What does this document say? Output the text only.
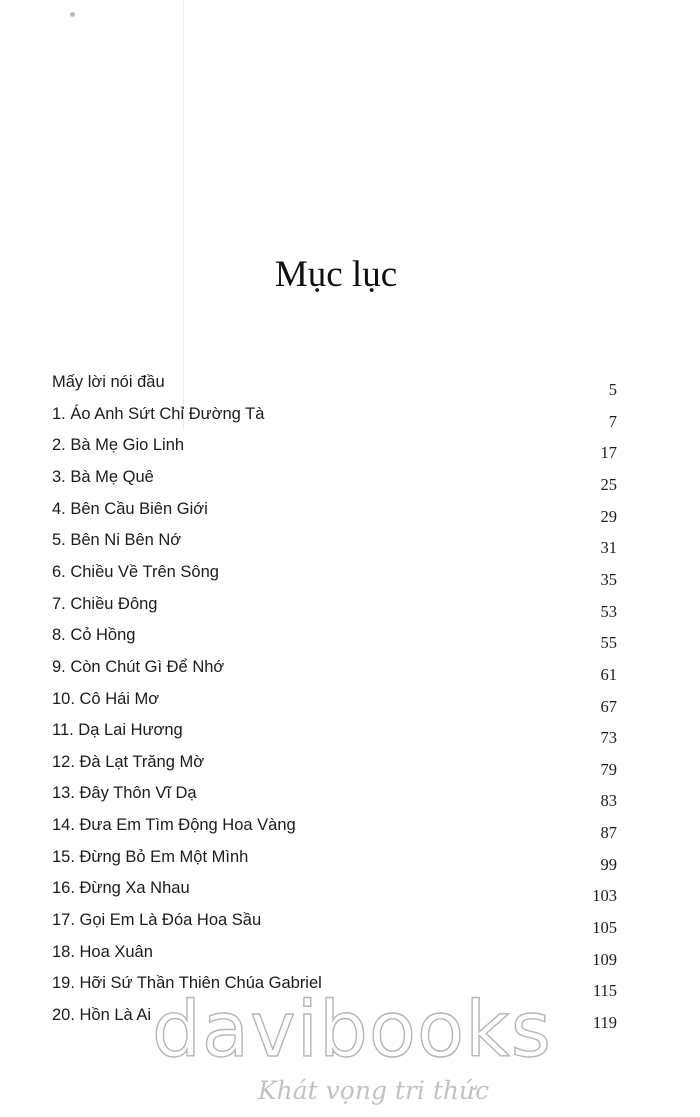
Mục lục
Mấy lời nói đầu	5
1. Áo Anh Sứt Chỉ Đường Tà	7
2. Bà Mẹ Gio Linh	17
3. Bà Mẹ Quê	25
4. Bên Cầu Biên Giới	29
5. Bên Ni Bên Nớ	31
6. Chiều Về Trên Sông	35
7. Chiều Đông	53
8. Cỏ Hồng	55
9. Còn Chút Gì Để Nhớ	61
10. Cô Hái Mơ	67
11. Dạ Lai Hương	73
12. Đà Lạt Trăng Mờ	79
13. Đây Thôn Vĩ Dạ	83
14. Đưa Em Tìm Động Hoa Vàng	87
15. Đừng Bỏ Em Một Mình	99
16. Đừng Xa Nhau	103
17. Gọi Em Là Đóa Hoa Sầu	105
18. Hoa Xuân	109
19. Hỡi Sứ Thần Thiên Chúa Gabriel	115
20. Hồn Là Ai	119
davibooks
Khát vọng tri thức
